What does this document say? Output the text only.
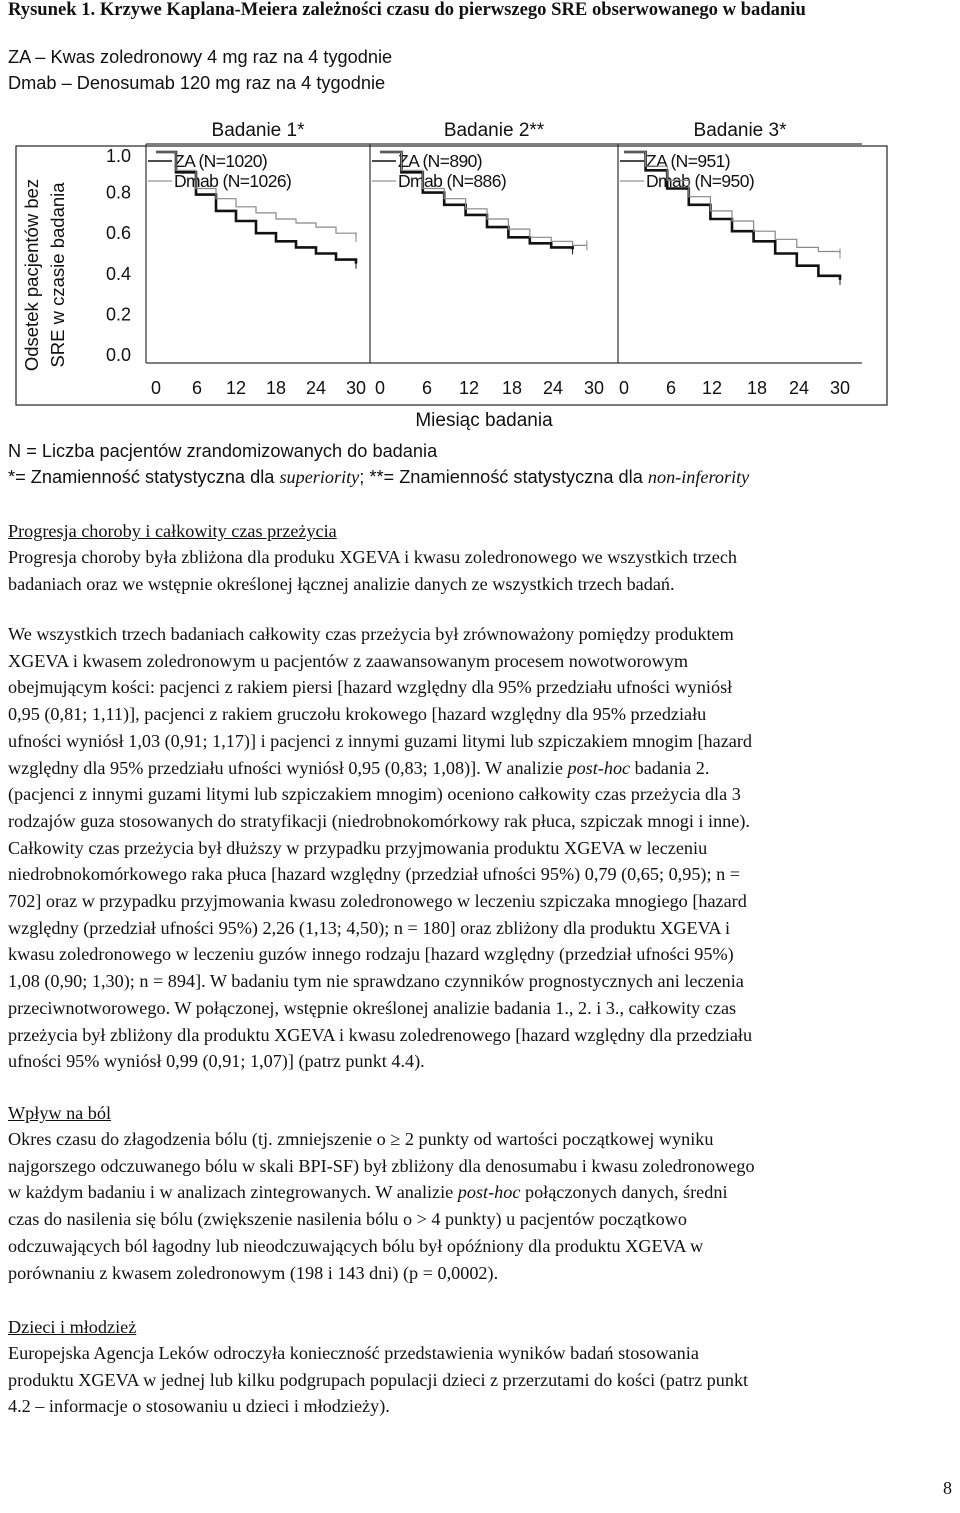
Rysunek 1. Krzywe Kaplana-Meiera zależności czasu do pierwszego SRE obserwowanego w badaniu
ZA – Kwas zoledronowy 4 mg raz na 4 tygodnie
Dmab – Denosumab 120 mg raz na 4 tygodnie
Odsetek pacjentów bez SRE w czasie badania
1.0
0.8
0.6
0.4
0.2
0.0
Badanie 1*
0 6 12 18 24 30
ZA (N=1020)
Dmab (N=1026)
Badanie 2**
0 6 12 18 24 30
ZA (N=890)
Dmab (N=886)
Badanie 3*
0 6 12 18 24 30
ZA (N=951)
Dmab (N=950)
Miesiąc badania
N = Liczba pacjentów zrandomizowanych do badania
*= Znamienność statystyczna dla superiority; **= Znamienność statystyczna dla non-inferority
Progresja choroby i całkowity czas przeżycia
Progresja choroby była zbliżona dla produku XGEVA i kwasu zoledronowego we wszystkich trzech
badaniach oraz we wstępnie określonej łącznej analizie danych ze wszystkich trzech badań.
We wszystkich trzech badaniach całkowity czas przeżycia był zrównoważony pomiędzy produktem
XGEVA i kwasem zoledronowym u pacjentów z zaawansowanym procesem nowotworowym
obejmującym kości: pacjenci z rakiem piersi [hazard względny dla 95% przedziału ufności wyniósł
0,95 (0,81; 1,11)], pacjenci z rakiem gruczołu krokowego [hazard względny dla 95% przedziału
ufności wyniósł 1,03 (0,91; 1,17)] i pacjenci z innymi guzami litymi lub szpiczakiem mnogim [hazard
względny dla 95% przedziału ufności wyniósł 0,95 (0,83; 1,08)]. W analizie post-hoc badania 2.
(pacjenci z innymi guzami litymi lub szpiczakiem mnogim) oceniono całkowity czas przeżycia dla 3
rodzajów guza stosowanych do stratyfikacji (niedrobnokomórkowy rak płuca, szpiczak mnogi i inne).
Całkowity czas przeżycia był dłuższy w przypadku przyjmowania produktu XGEVA w leczeniu
niedrobnokomórkowego raka płuca [hazard względny (przedział ufności 95%) 0,79 (0,65; 0,95); n =
702] oraz w przypadku przyjmowania kwasu zoledronowego w leczeniu szpiczaka mnogiego [hazard
względny (przedział ufności 95%) 2,26 (1,13; 4,50); n = 180] oraz zbliżony dla produktu XGEVA i
kwasu zoledronowego w leczeniu guzów innego rodzaju [hazard względny (przedział ufności 95%)
1,08 (0,90; 1,30); n = 894]. W badaniu tym nie sprawdzano czynników prognostycznych ani leczenia
przeciwnotworowego. W połączonej, wstępnie określonej analizie badania 1., 2. i 3., całkowity czas
przeżycia był zbliżony dla produktu XGEVA i kwasu zoledrenowego [hazard względny dla przedziału
ufności 95% wyniósł 0,99 (0,91; 1,07)] (patrz punkt 4.4).
Wpływ na ból
Okres czasu do złagodzenia bólu (tj. zmniejszenie o ≥ 2 punkty od wartości początkowej wyniku
najgorszego odczuwanego bólu w skali BPI-SF) był zbliżony dla denosumabu i kwasu zoledronowego
w każdym badaniu i w analizach zintegrowanych. W analizie post-hoc połączonych danych, średni
czas do nasilenia się bólu (zwiększenie nasilenia bólu o > 4 punkty) u pacjentów początkowo
odczuwających ból łagodny lub nieodczuwających bólu był opóźniony dla produktu XGEVA w
porównaniu z kwasem zoledronowym (198 i 143 dni) (p = 0,0002).
Dzieci i młodzież
Europejska Agencja Leków odroczyła konieczność przedstawienia wyników badań stosowania
produktu XGEVA w jednej lub kilku podgrupach populacji dzieci z przerzutami do kości (patrz punkt
4.2 – informacje o stosowaniu u dzieci i młodzieży).
8
